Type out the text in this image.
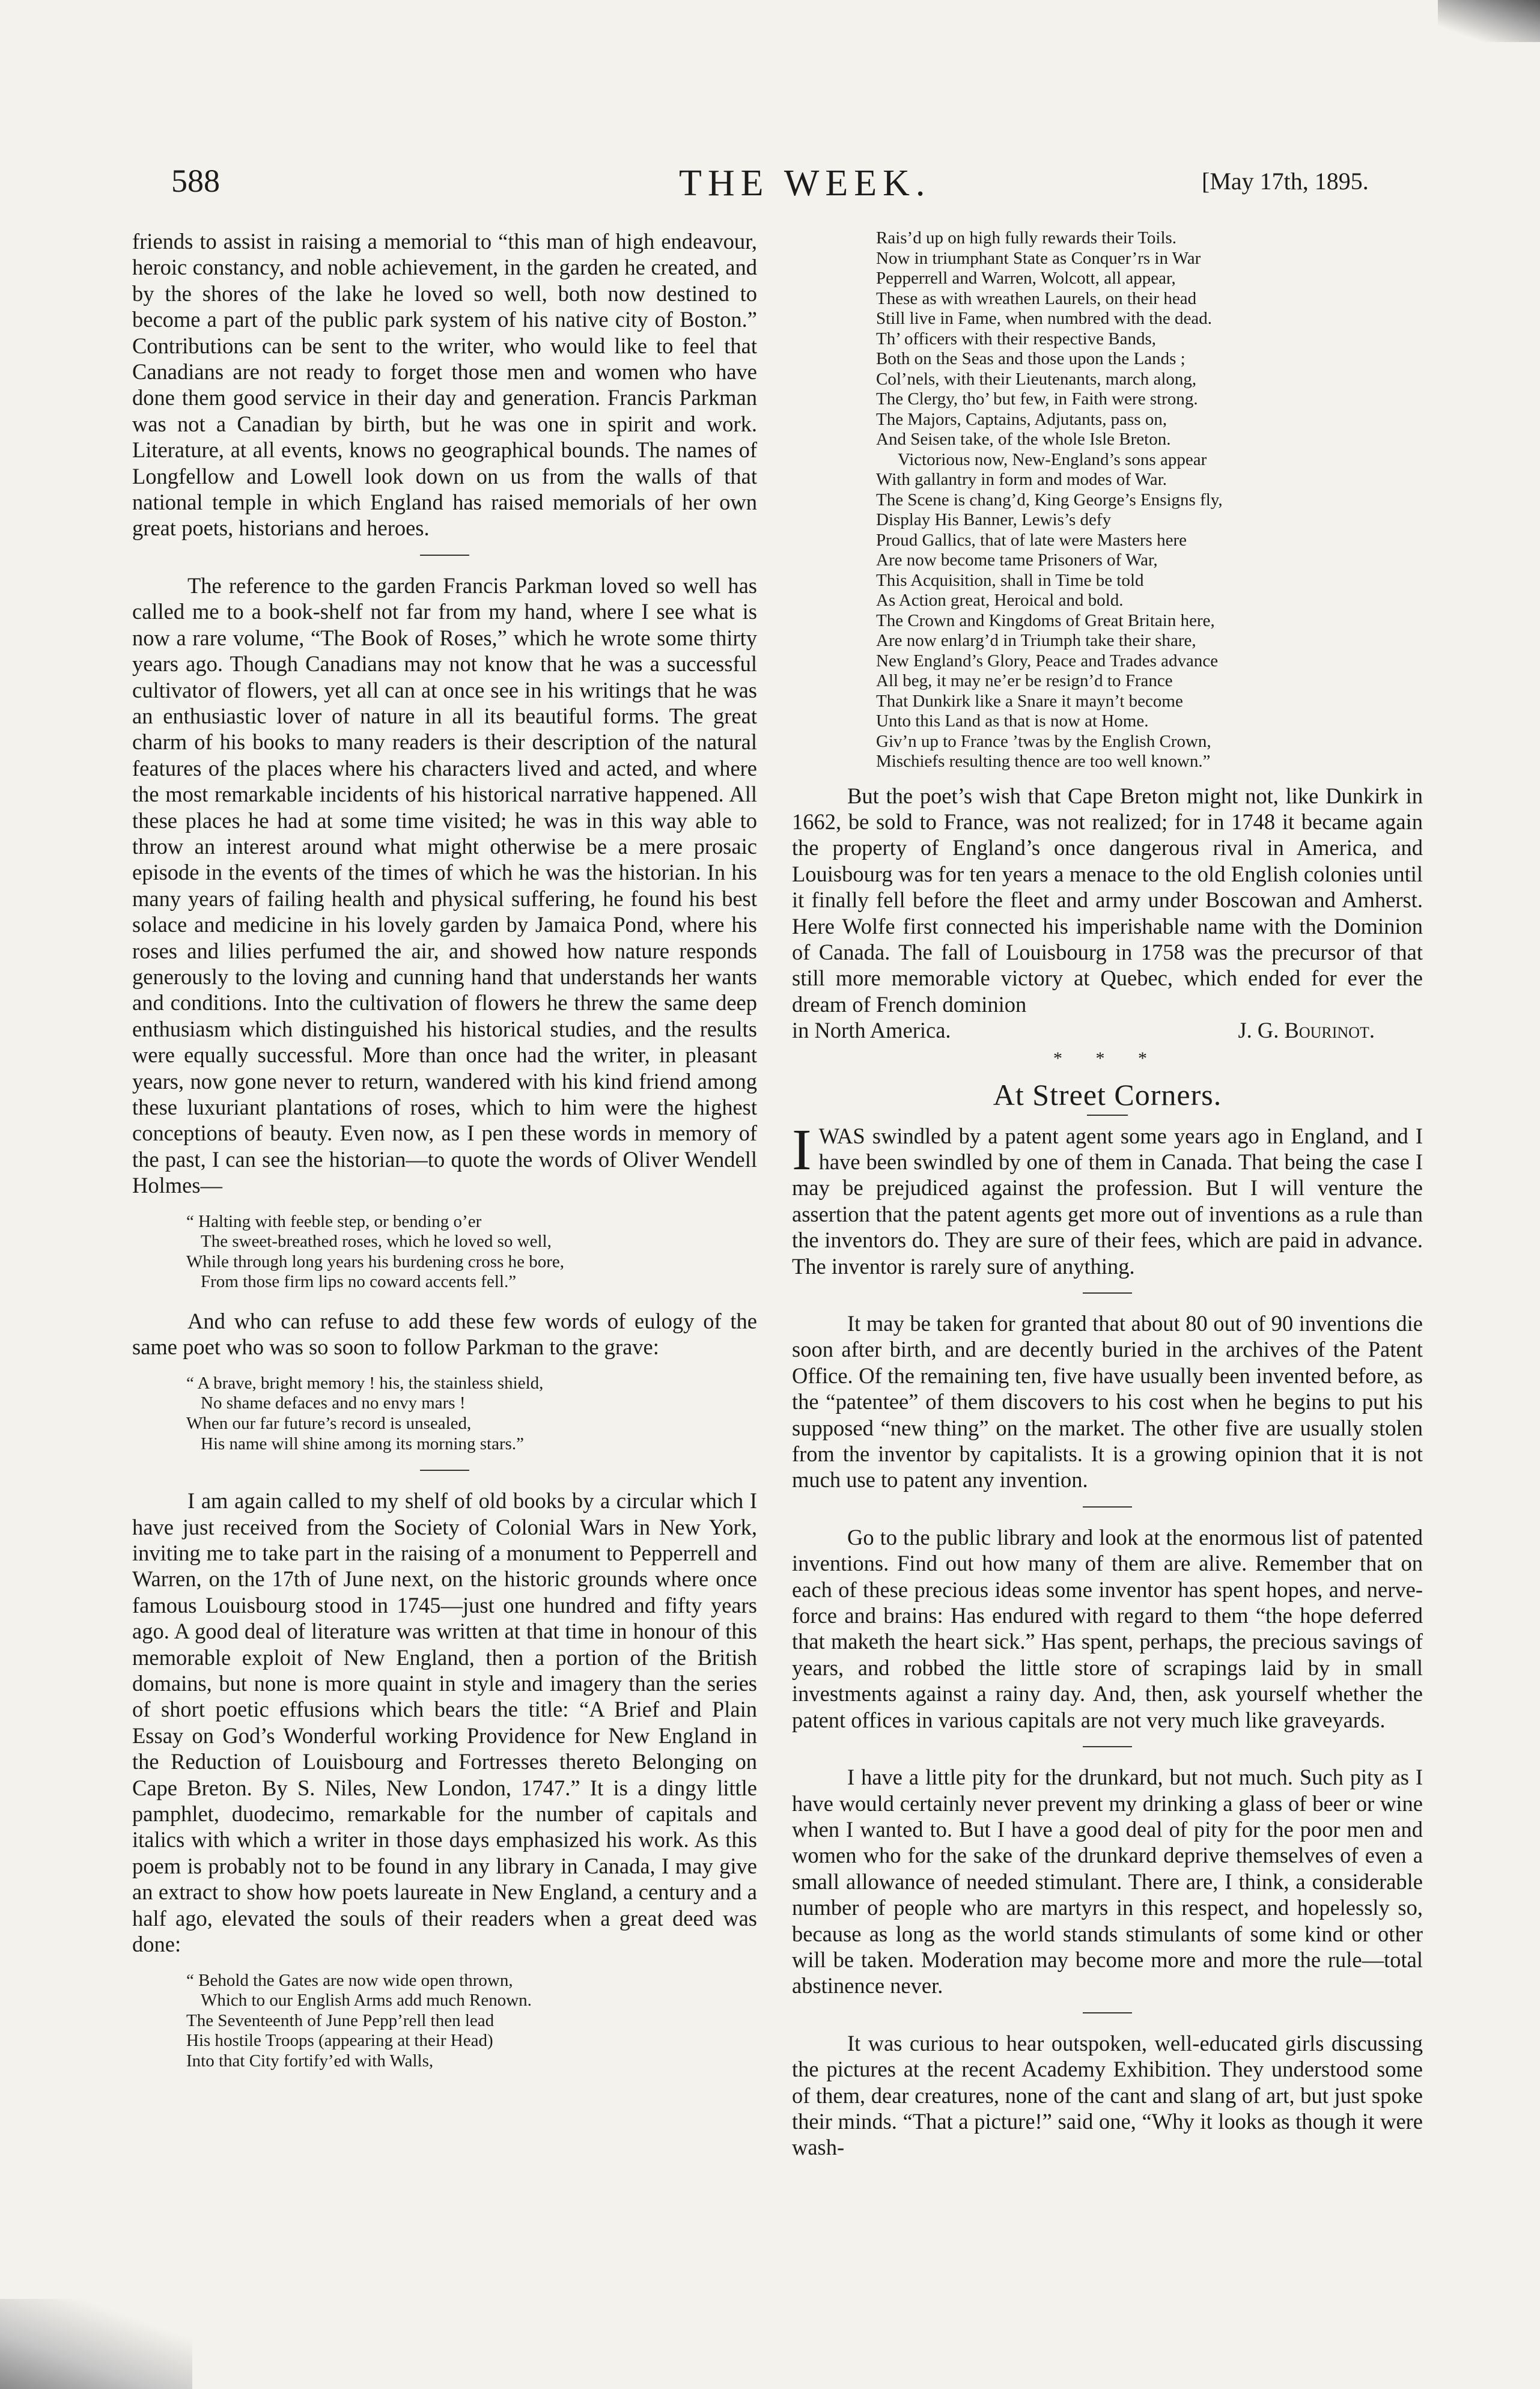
588	THE WEEK.	[May 17th, 1895.

friends to assist in raising a memorial to “this man of high endeavour, heroic constancy, and noble achievement, in the garden he created, and by the shores of the lake he loved so well, both now destined to become a part of the public park system of his native city of Boston.” Contributions can be sent to the writer, who would like to feel that Canadians are not ready to forget those men and women who have done them good service in their day and generation. Francis Parkman was not a Canadian by birth, but he was one in spirit and work. Literature, at all events, knows no geographical bounds. The names of Longfellow and Lowell look down on us from the walls of that national temple in which England has raised memorials of her own great poets, historians and heroes.

The reference to the garden Francis Parkman loved so well has called me to a book-shelf not far from my hand, where I see what is now a rare volume, “The Book of Roses,” which he wrote some thirty years ago. Though Canadians may not know that he was a successful cultivator of flowers, yet all can at once see in his writings that he was an enthusiastic lover of nature in all its beautiful forms. The great charm of his books to many readers is their description of the natural features of the places where his characters lived and acted, and where the most remarkable incidents of his historical narrative happened. All these places he had at some time visited; he was in this way able to throw an interest around what might otherwise be a mere prosaic episode in the events of the times of which he was the historian. In his many years of failing health and physical suffering, he found his best solace and medicine in his lovely garden by Jamaica Pond, where his roses and lilies perfumed the air, and showed how nature responds generously to the loving and cunning hand that understands her wants and conditions. Into the cultivation of flowers he threw the same deep enthusiasm which distinguished his historical studies, and the results were equally successful. More than once had the writer, in pleasant years, now gone never to return, wandered with his kind friend among these luxuriant plantations of roses, which to him were the highest conceptions of beauty. Even now, as I pen these words in memory of the past, I can see the historian—to quote the words of Oliver Wendell Holmes—

“ Halting with feeble step, or bending o’er
The sweet-breathed roses, which he loved so well,
While through long years his burdening cross he bore,
From those firm lips no coward accents fell.”

And who can refuse to add these few words of eulogy of the same poet who was so soon to follow Parkman to the grave:

“ A brave, bright memory ! his, the stainless shield,
No shame defaces and no envy mars !
When our far future’s record is unsealed,
His name will shine among its morning stars.”

I am again called to my shelf of old books by a circular which I have just received from the Society of Colonial Wars in New York, inviting me to take part in the raising of a monument to Pepperrell and Warren, on the 17th of June next, on the historic grounds where once famous Louisbourg stood in 1745—just one hundred and fifty years ago. A good deal of literature was written at that time in honour of this memorable exploit of New England, then a portion of the British domains, but none is more quaint in style and imagery than the series of short poetic effusions which bears the title: “A Brief and Plain Essay on God’s Wonderful working Providence for New England in the Reduction of Louisbourg and Fortresses thereto Belonging on Cape Breton. By S. Niles, New London, 1747.” It is a dingy little pamphlet, duodecimo, remarkable for the number of capitals and italics with which a writer in those days emphasized his work. As this poem is probably not to be found in any library in Canada, I may give an extract to show how poets laureate in New England, a century and a half ago, elevated the souls of their readers when a great deed was done:

“ Behold the Gates are now wide open thrown,
Which to our English Arms add much Renown.
The Seventeenth of June Pepp’rell then lead
His hostile Troops (appearing at their Head)
Into that City fortify’ed with Walls,
Rais’d up on high fully rewards their Toils.
Now in triumphant State as Conquer’rs in War
Pepperrell and Warren, Wolcott, all appear,
These as with wreathen Laurels, on their head
Still live in Fame, when numbred with the dead.
Th’ officers with their respective Bands,
Both on the Seas and those upon the Lands ;
Col’nels, with their Lieutenants, march along,
The Clergy, tho’ but few, in Faith were strong.
The Majors, Captains, Adjutants, pass on,
And Seisen take, of the whole Isle Breton.
Victorious now, New-England’s sons appear
With gallantry in form and modes of War.
The Scene is chang’d, King George’s Ensigns fly,
Display His Banner, Lewis’s defy
Proud Gallics, that of late were Masters here
Are now become tame Prisoners of War,
This Acquisition, shall in Time be told
As Action great, Heroical and bold.
The Crown and Kingdoms of Great Britain here,
Are now enlarg’d in Triumph take their share,
New England’s Glory, Peace and Trades advance
All beg, it may ne’er be resign’d to France
That Dunkirk like a Snare it mayn’t become
Unto this Land as that is now at Home.
Giv’n up to France ’twas by the English Crown,
Mischiefs resulting thence are too well known.”

But the poet’s wish that Cape Breton might not, like Dunkirk in 1662, be sold to France, was not realized; for in 1748 it became again the property of England’s once dangerous rival in America, and Louisbourg was for ten years a menace to the old English colonies until it finally fell before the fleet and army under Boscowan and Amherst. Here Wolfe first connected his imperishable name with the Dominion of Canada. The fall of Louisbourg in 1758 was the precursor of that still more memorable victory at Quebec, which ended for ever the dream of French dominion

in North America.	J. G. Bourinot.
* * *
At Street Corners.
I WAS swindled by a patent agent some years ago in England, and I have been swindled by one of them in Canada. That being the case I may be prejudiced against the profession. But I will venture the assertion that the patent agents get more out of inventions as a rule than the inventors do. They are sure of their fees, which are paid in advance. The inventor is rarely sure of anything.

It may be taken for granted that about 80 out of 90 inventions die soon after birth, and are decently buried in the archives of the Patent Office. Of the remaining ten, five have usually been invented before, as the “patentee” of them discovers to his cost when he begins to put his supposed “new thing” on the market. The other five are usually stolen from the inventor by capitalists. It is a growing opinion that it is not much use to patent any invention.

Go to the public library and look at the enormous list of patented inventions. Find out how many of them are alive. Remember that on each of these precious ideas some inventor has spent hopes, and nerve-force and brains: Has endured with regard to them “the hope deferred that maketh the heart sick.” Has spent, perhaps, the precious savings of years, and robbed the little store of scrapings laid by in small investments against a rainy day. And, then, ask yourself whether the patent offices in various capitals are not very much like graveyards.

I have a little pity for the drunkard, but not much. Such pity as I have would certainly never prevent my drinking a glass of beer or wine when I wanted to. But I have a good deal of pity for the poor men and women who for the sake of the drunkard deprive themselves of even a small allowance of needed stimulant. There are, I think, a considerable number of people who are martyrs in this respect, and hopelessly so, because as long as the world stands stimulants of some kind or other will be taken. Moderation may become more and more the rule—total abstinence never.

It was curious to hear outspoken, well-educated girls discussing the pictures at the recent Academy Exhibition. They understood some of them, dear creatures, none of the cant and slang of art, but just spoke their minds. “That a picture!” said one, “Why it looks as though it were wash-
